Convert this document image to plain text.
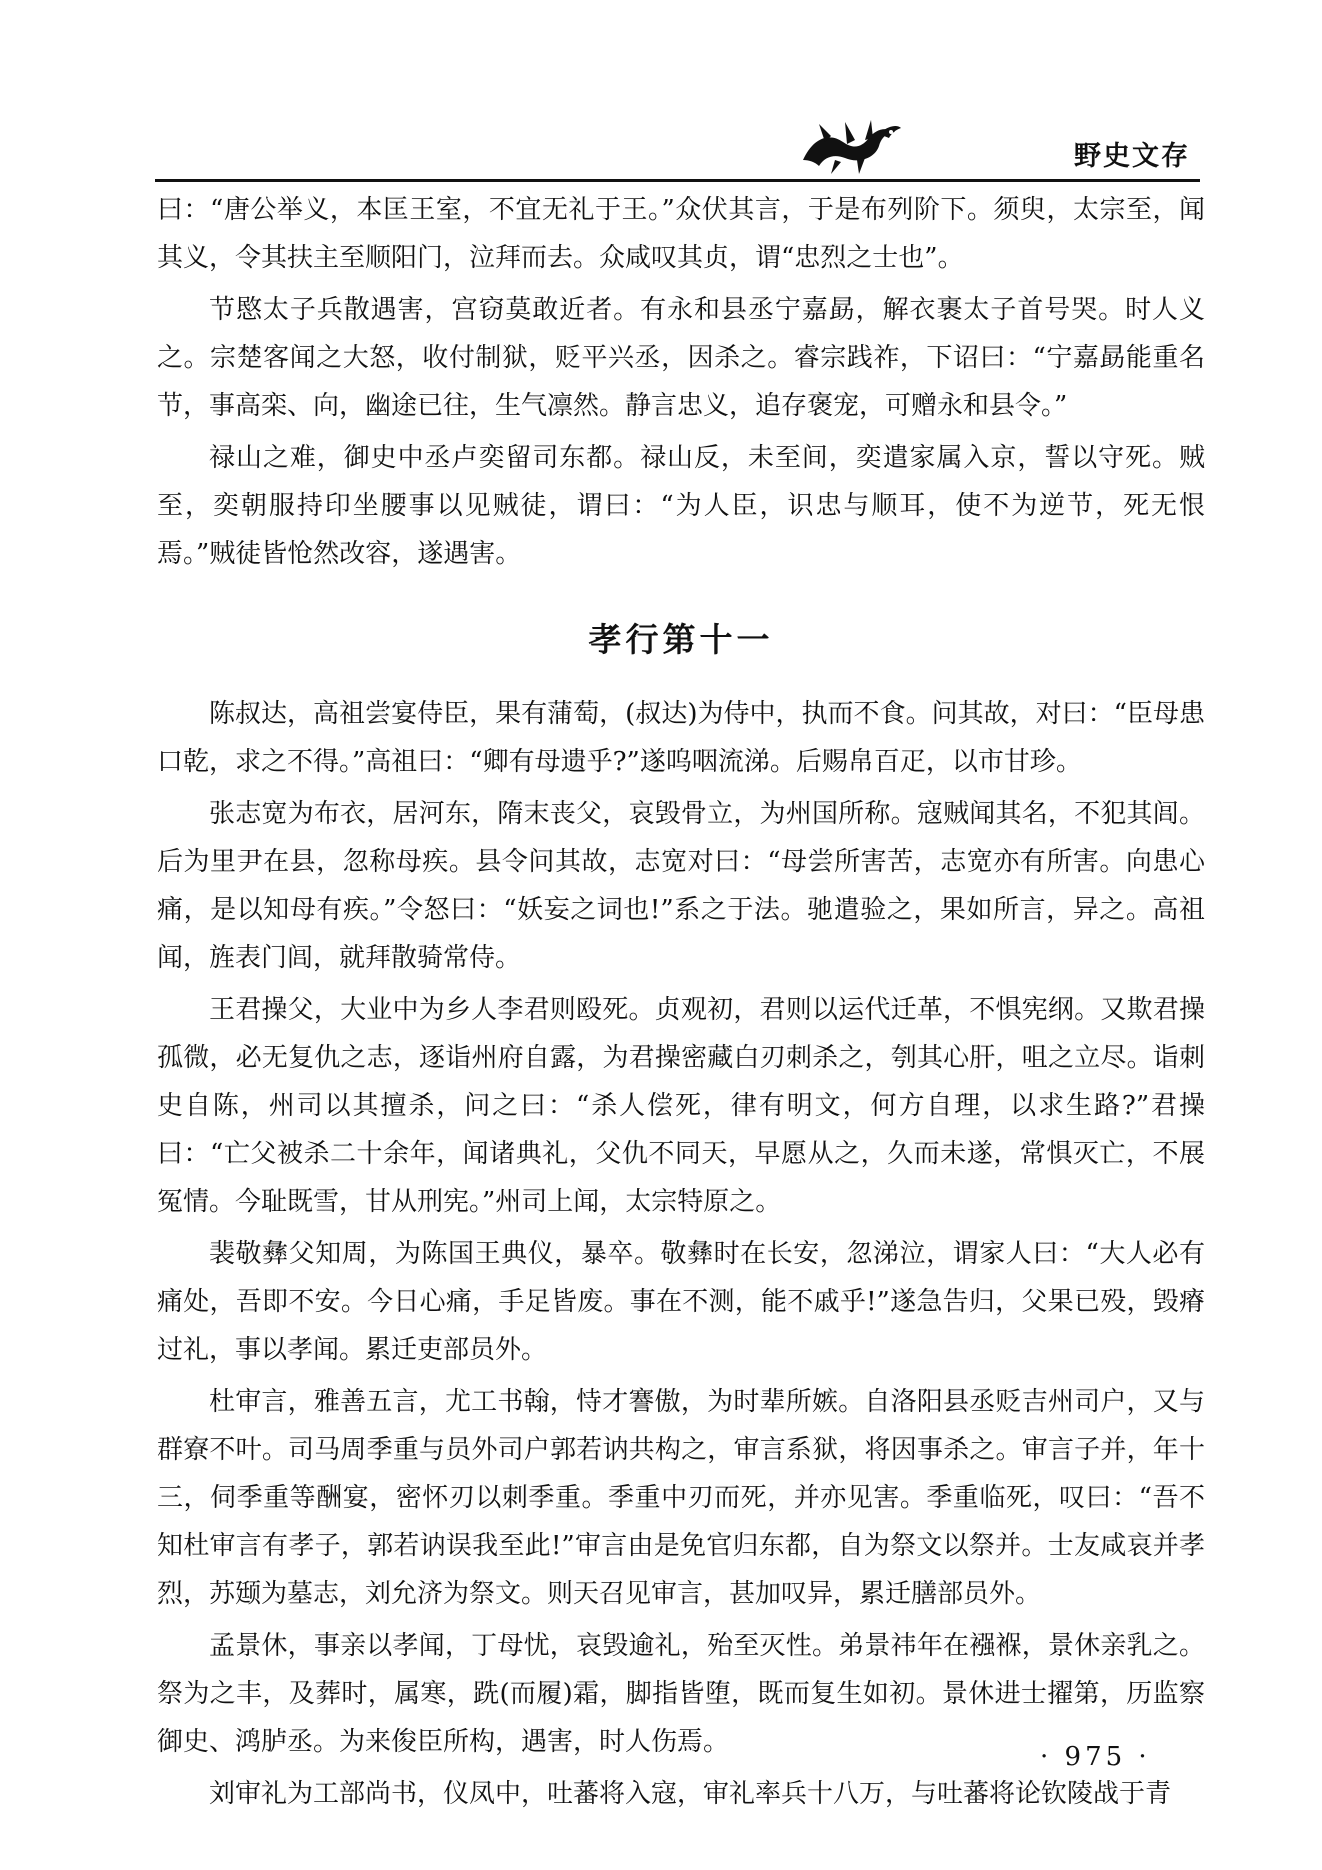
野史文存

曰：“唐公举义，本匡王室，不宜无礼于王。”众伏其言，于是布列阶下。须臾，太宗至，闻其义，令其扶主至顺阳门，泣拜而去。众咸叹其贞，谓“忠烈之士也”。

节愍太子兵散遇害，宫窃莫敢近者。有永和县丞宁嘉勗，解衣裹太子首号哭。时人义之。宗楚客闻之大怒，收付制狱，贬平兴丞，因杀之。睿宗践祚，下诏曰：“宁嘉勗能重名节，事高栾、向，幽途已往，生气凛然。静言忠义，追存褒宠，可赠永和县令。”

禄山之难，御史中丞卢奕留司东都。禄山反，未至间，奕遣家属入京，誓以守死。贼至，奕朝服持印坐腰事以见贼徒，谓曰：“为人臣，识忠与顺耳，使不为逆节，死无恨焉。”贼徒皆怆然改容，遂遇害。

孝行第十一

陈叔达，高祖尝宴侍臣，果有蒲萄，(叔达)为侍中，执而不食。问其故，对曰：“臣母患口乾，求之不得。”高祖曰：“卿有母遗乎?”遂呜咽流涕。后赐帛百疋，以市甘珍。

张志宽为布衣，居河东，隋末丧父，哀毁骨立，为州国所称。寇贼闻其名，不犯其闾。后为里尹在县，忽称母疾。县令问其故，志宽对曰：“母尝所害苦，志宽亦有所害。向患心痛，是以知母有疾。”令怒曰：“妖妄之词也!”系之于法。驰遣验之，果如所言，异之。高祖闻，旌表门闾，就拜散骑常侍。

王君操父，大业中为乡人李君则殴死。贞观初，君则以运代迁革，不惧宪纲。又欺君操孤微，必无复仇之志，逐诣州府自露，为君操密藏白刃刺杀之，刳其心肝，咀之立尽。诣刺史自陈，州司以其擅杀，问之曰：“杀人偿死，律有明文，何方自理，以求生路?”君操曰：“亡父被杀二十余年，闻诸典礼，父仇不同天，早愿从之，久而未遂，常惧灭亡，不展冤情。今耻既雪，甘从刑宪。”州司上闻，太宗特原之。

裴敬彝父知周，为陈国王典仪，暴卒。敬彝时在长安，忽涕泣，谓家人曰：“大人必有痛处，吾即不安。今日心痛，手足皆废。事在不测，能不戚乎!”遂急告归，父果已殁，毁瘠过礼，事以孝闻。累迁吏部员外。

杜审言，雅善五言，尤工书翰，恃才謇傲，为时辈所嫉。自洛阳县丞贬吉州司户，又与群寮不叶。司马周季重与员外司户郭若讷共构之，审言系狱，将因事杀之。审言子并，年十三，伺季重等酬宴，密怀刃以刺季重。季重中刃而死，并亦见害。季重临死，叹曰：“吾不知杜审言有孝子，郭若讷误我至此!”审言由是免官归东都，自为祭文以祭并。士友咸哀并孝烈，苏颋为墓志，刘允济为祭文。则天召见审言，甚加叹异，累迁膳部员外。

孟景休，事亲以孝闻，丁母忧，哀毁逾礼，殆至灭性。弟景祎年在襁褓，景休亲乳之。祭为之丰，及葬时，属寒，跣(而履)霜，脚指皆堕，既而复生如初。景休进士擢第，历监察御史、鸿胪丞。为来俊臣所构，遇害，时人伤焉。

刘审礼为工部尚书，仪凤中，吐蕃将入寇，审礼率兵十八万，与吐蕃将论钦陵战于青

· 975 ·
